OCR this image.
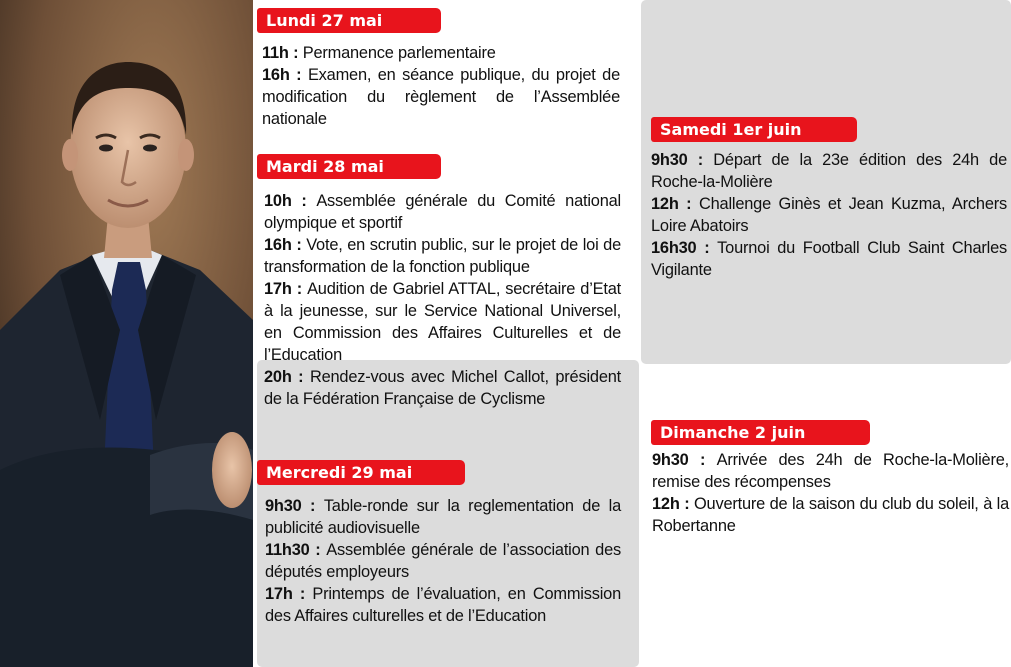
Lundi 27 mai

11h : Permanence parlementaire

16h : Examen, en séance publique, du projet de modification du règlement de l’Assemblée nationale

Mardi 28 mai

10h : Assemblée générale du Comité national olympique et sportif

16h : Vote, en scrutin public, sur le projet de loi de transformation de la fonction publique

17h : Audition de Gabriel ATTAL, secrétaire d’Etat à la jeunesse, sur le Service National Universel, en Commission des Affaires Culturelles et de l’Education

20h : Rendez-vous avec Michel Callot, président de la Fédération Française de Cyclisme

Mercredi 29 mai

9h30 : Table-ronde sur la reglementation de la publicité audiovisuelle

11h30 : Assemblée générale de l’association des députés employeurs

17h : Printemps de l’évaluation, en Commission des Affaires culturelles et de l’Education

Samedi 1er juin

9h30 : Départ de la 23e édition des 24h de Roche-la-Molière

12h : Challenge Ginès et Jean Kuzma, Archers Loire Abatoirs

16h30 : Tournoi du Football Club Saint Charles Vigilante

Dimanche 2 juin

9h30 : Arrivée des 24h de Roche-la-Molière, remise des récompenses

12h : Ouverture de la saison du club du soleil, à la Robertanne
